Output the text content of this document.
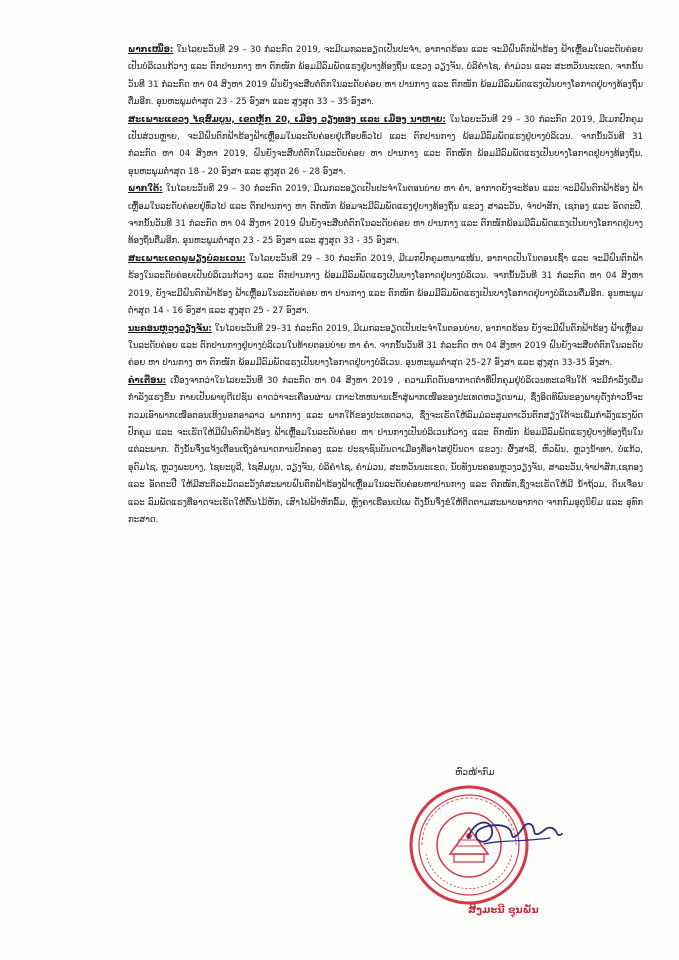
ພາກເໜືອ: ໃນໄລຍະວັນທີ 29 – 30 ກໍລະກົດ 2019, ຈະມີເມກລະອຽດເປັນປະຈຳ, ອາກາດຮ້ອນ ແລະ ຈະມີຝົນຕົກຟ້າຮ້ອງ ຟ້າເຫຼື້ອມໃນລະດັບຄ່ອຍເປັນບໍລິເວນກ້ວາງ ແລະ ຕົກປານກາງ ຫາ ຕົກໜັກ ພ້ອມມີລົມພັດແຮງຢູ່ບາງທ້ອງຖິ່ນ ແຂວງ ວຽງຈັນ, ບໍລິຄຳໄຊ, ຄຳມ່ວນ ແລະ ສະຫວັນນະເຂດ. ຈາກນັ້ນວັນທີ 31 ກໍລະກົດ ຫາ 04 ສິງຫາ 2019 ຝົນຍັງຈະສືບຕໍ່ຕົກໃນລະດັບຄ່ອຍ ຫາ ປານກາງ ແລະ ຕົກໜັກ ພ້ອມມີລົມພັດແຮງເປັນບາງໂອກາດຢູ່ບາງທ້ອງຖິ່ນຕື່ມອີກ. ອຸນຫະພູມຕ່ຳສຸດ 23 - 25 ອົງສາ ແລະ ສູງສຸດ 33 – 35 ອົງສາ.

ສະເພາະແຂວງ ໄຊສົມບູນ, ເຂດຫຼັກ 20, ເມືອງ ວຽງທອງ ແລະ ເມືອງ ນາຫາຍ: ໃນໄລຍະວັນທີ 29 – 30 ກໍລະກົດ 2019, ມີເມກປົກຄຸມເປັນສ່ວນຫຼາຍ, ຈະມີຝົນຕົກຟ້າຮ້ອງຟ້າເຫຼື້ອມໃນລະດັບຄ່ອຍຢູ່ເກືອບທົ່ວໄປ ແລະ ຕົກປານກາງ ພ້ອມມີລົມພັດແຮງຢູ່ບາງບໍລິເວນ. ຈາກນັ້ນວັນທີ 31 ກໍລະກົດ ຫາ 04 ສິງຫາ 2019, ຝົນຍັງຈະສືບຕໍ່ຕົກໃນລະດັບຄ່ອຍ ຫາ ປານກາງ ແລະ ຕົກໜັກ ພ້ອມມີລົມພັດແຮງເປັນບາງໂອກາດຢູ່ບາງທ້ອງຖິ່ນ. ອຸນຫະພູມຕ່ຳສຸດ 18 - 20 ອົງສາ ແລະ ສູງສຸດ 26 – 28 ອົງສາ.

ພາກໃຕ້: ໃນໄລຍະວັນທີ 29 – 30 ກໍລະກົດ 2019, ມີເມກລະອຽດເປັນປະຈຳໃນຕອນບ່າຍ ຫາ ຄ່ຳ, ອາກາດຍັງຈະຮ້ອນ ແລະ ຈະມີຝົນຕົກຟ້າຮ້ອງ ຟ້າເຫຼື້ອມໃນລະດັບຄ່ອຍຢູ່ທົ່ວໄປ ແລະ ຕົກປານກາງ ຫາ ຕົກໜັກ ພ້ອມຈະມີລົມພັດແຮງຢູ່ບາງທ້ອງຖິ່ນ ແຂວງ ສາລະວັນ, ຈຳປາສັກ, ເຊກອງ ແລະ ອັດຕະປື. ຈາກນັ້ນວັນທີ 31 ກໍລະກົດ ຫາ 04 ສິງຫາ 2019 ຝົນຍັງຈະສືບຕໍ່ຕົກໃນລະດັບຄ່ອຍ ຫາ ປານກາງ ແລະ ຕົກໜັກພ້ອມມີລົມພັດແຮງເປັນບາງໂອກາດຢູ່ບາງທ້ອງຖິ່ນຕື່ມອີກ. ອຸນຫະພູມຕ່ຳສຸດ 23 - 25 ອົງສາ ແລະ ສູງສຸດ 33 - 35 ອົງສາ.

ສະເພາະເຂດພູພຽງບໍລະເວນ: ໃນໄລຍະວັນທີ 29 – 30 ກໍລະກົດ 2019, ມີເມກປົກຄຸມຫນາແໜ້ນ, ອາກາດເປັນໃນຕອນເຊົ້າ ແລະ ຈະມີຝົນຕົກຟ້າຮ້ອງໃນລະດັບຄ່ອຍເປັນບໍລິເວນກ້ວາງ ແລະ ຕົກປານກາງ ພ້ອມມີລົມພັດແຮງເປັນບາງໂອກາດຢູ່ບາງບໍລິເວນ. ຈາກນັ້ນວັນທີ 31 ກໍລະກົດ ຫາ 04 ສິງຫາ 2019, ຍັງຈະມີຝົນຕົກຟ້າຮ້ອງ ຟ້າເຫຼື້ອມໃນລະດັບຄ່ອຍ ຫາ ປານກາງ ແລະ ຕົກໜັກ ພ້ອມມີລົມພັດແຮງເປັນບາງໂອກາດຢູ່ບາງບໍລິເວນຕື່ມອີກ. ອຸນຫະພູມຕ່ຳສຸດ 14 - 16 ອົງສາ ແລະ ສູງສຸດ 25 - 27 ອົງສາ.

ນະຄອນຫຼວງວຽງຈັນ: ໃນໄລຍະວັນທີ 29–31 ກໍລະກົດ 2019, ມີເມກລະອຽດເປັນປະຈຳໃນຕອນບ່າຍ, ອາກາດຮ້ອນ ຍັງຈະມີຝົນຕົກຟ້າຮ້ອງ ຟ້າເຫຼື້ອມໃນລະດັບຄ່ອຍ ແລະ ຕົກປານກາງຢູ່ບາງບໍລິເວນໃນທ້າຍຕອນບ່າຍ ຫາ ຄ່ຳ. ຈາກນັ້ນວັນທີ 31 ກໍລະກົດ ຫາ 04 ສິງຫາ 2019 ຝົນຍັງຈະສືບຕໍ່ຕົກໃນລະດັບຄ່ອຍ ຫາ ປານກາງ ຫາ ຕົກໜັກ ພ້ອມມີລົມພັດແຮງເປັນບາງໂອກາດຢູ່ບາງບໍລິເວນ. ອຸນຫະພູມຕ່ຳສຸດ 25–27 ອົງສາ ແລະ ສູງສຸດ 33-35 ອົງສາ.

ຄຳເຕືອນ: ເນື່ອງຈາກວ່າໃນໄລຍະວັນທີ 30 ກໍລະກົດ ຫາ 04 ສິງຫາ 2019 , ຄວາມກົດດັນອາກາດຕ່ຳທີ່ປົກຄຸມຢູ່ບໍລິເວນທະເລຈີນໃຕ້ ຈະມີກຳລັງເພີ່ມກຳລັງແຮງຂຶ້ນ ກາຍເປັນພາຍຸດີເປຊັນ ຄາດວ່າຈະເຄື່ອນຜ່ານ ເກາະໄຫຫນານເຂົ້າສູ່ພາກເໜືອຂອງປະເທດຫວຽດນາມ, ຊຶ່ງອິດທິພົນຂອງພາຍຸດັ່ງກ່າວນີ້ຈະກວມເອົາພາກເໜືອຕອນເທິງນອກອາລາວ ພາກກາງ ແລະ ພາກໃຕ້ຂອງປະເທດລາວ, ຊຶ່ງຈະເຮັດໃຫ້ລົມມໍລະສຸມຕາເວັນຕົກສຽງໃຕ້ຈະເພີ່ມກຳລັງແຮງພັດປົກຄຸມ ແລະ ຈະເຮັດໃຫ້ມີຝົນຕົກຟ້າຮ້ອງ ຟ້າເຫຼື້ອມໃນລະດັບຄ່ອຍ ຫາ ປານກາງເປັນບໍລິເວນກ້ວາງ ແລະ ຕົກໜັກ ພ້ອມມີລົມພັດແຮງຢູ່ບາງທ້ອງຖິ່ນໃນແຕ່ລະພາກ. ດັ່ງນັ້ນຈຶ່ງແຈ້ງເຕືອນເຖິງອຳນາດການປົກຄອງ ແລະ ປະຊາຊົນບັນດາເມືອງທີ່ອາໄສຢູ່ບັນດາ ແຂວງ: ຜົ້ງສາລີ, ຫົວພັນ, ຫຼວງນ້ຳທາ, ບໍ່ແກ້ວ, ອຸດົມໄຊ, ຫຼວງພະບາງ, ໄຊຍະບູລີ, ໄຊສົມບູນ, ວຽງຈັນ, ບໍລິຄຳໄຊ, ຄຳມ່ວນ, ສະຫວັນນະເຂດ, ນັບທັງນະຄອນຫຼວງວຽງຈັນ, ສາລະວັນ,ຈຳປາສັກ,ເຊກອງ ແລະ ອັດຕະປື ໃຫ້ມີສະຕິລະມັດລະວັງຕໍ່ສະພາບຝົນຕົກຟ້າຮ້ອງຟ້າເຫຼື້ອມໃນລະດັບຄ່ອຍຫາປານກາງ ແລະ ຕົກໜັກ,ຊຶ່ງຈະເຮັດໃຫ້ມີ ນ້ຳຖ້ວມ, ດິນເຈື່ອນ ແລະ ລົມພັດແຮງທີ່ອາດຈະເຮັດໃຫ້ຕົ້ນໄມ້ຫັກ, ເສົາໄຟຟ້າຫັກລົ້ມ, ຫຼັງຄາເຮືອນເປ່ເພ ດັ່ງນັ້ນຈຶ່ງຂໍໃຫ້ຕິດຕາມສະພາບອາກາດ ຈາກກົມອຸຕຸນິຍົມ ແລະ ອຸທົກກະສາດ.

ຫົວໜ້າກົມ
ສິງມະນີ ຊຸນພັນ
